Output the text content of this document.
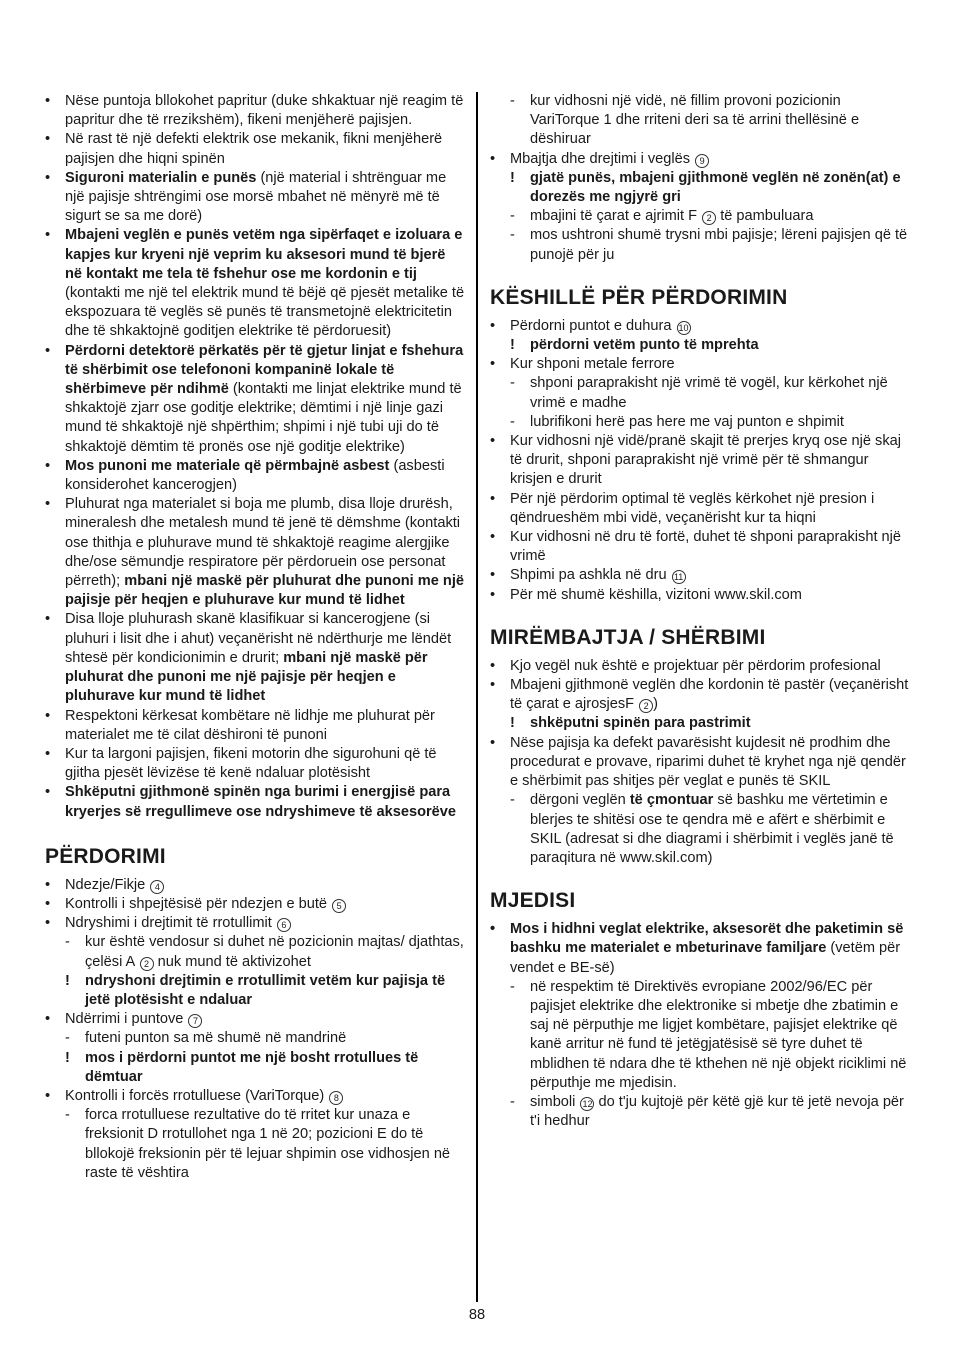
•	Nëse puntoja bllokohet papritur (duke shkaktuar një reagim të papritur dhe të rrezikshëm), fikeni menjëherë pajisjen.
•	Në rast të një defekti elektrik ose mekanik, fikni menjëherë pajisjen dhe hiqni spinën
•	Siguroni materialin e punës (një material i shtrënguar me një pajisje shtrëngimi ose morsë mbahet në mënyrë më të sigurt se sa me dorë)
•	Mbajeni veglën e punës vetëm nga sipërfaqet e izoluara e kapjes kur kryeni një veprim ku aksesori mund të bjerë në kontakt me tela të fshehur ose me kordonin e tij (kontakti me një tel elektrik mund të bëjë që pjesët metalike të ekspozuara të veglës së punës të transmetojnë elektricitetin dhe të shkaktojnë goditjen elektrike të përdoruesit)
•	Përdorni detektorë përkatës për të gjetur linjat e fshehura të shërbimit ose telefononi kompaninë lokale të shërbimeve për ndihmë (kontakti me linjat elektrike mund të shkaktojë zjarr ose goditje elektrike; dëmtimi i një linje gazi mund të shkaktojë një shpërthim; shpimi i një tubi uji do të shkaktojë dëmtim të pronës ose një goditje elektrike)
•	Mos punoni me materiale që përmbajnë asbest (asbesti konsiderohet kancerogjen)
•	Pluhurat nga materialet si boja me plumb, disa lloje drurësh, mineralesh dhe metalesh mund të jenë të dëmshme (kontakti ose thithja e pluhurave mund të shkaktojë reagime alergjike dhe/ose sëmundje respiratore për përdoruein ose personat përreth); mbani një maskë për pluhurat dhe punoni me një pajisje për heqjen e pluhurave kur mund të lidhet
•	Disa lloje pluhurash skanë klasifikuar si kancerogjene (si pluhuri i lisit dhe i ahut) veçanërisht në ndërthurje me lëndët shtesë për kondicionimin e drurit; mbani një maskë për pluhurat dhe punoni me një pajisje për heqjen e pluhurave kur mund të lidhet
•	Respektoni kërkesat kombëtare në lidhje me pluhurat për materialet me të cilat dëshironi të punoni
•	Kur ta largoni pajisjen, fikeni motorin dhe sigurohuni që të gjitha pjesët lëvizëse të kenë ndaluar plotësisht
•	Shkëputni gjithmonë spinën nga burimi i energjisë para kryerjes së rregullimeve ose ndryshimeve të aksesorëve
PËRDORIMI
•	Ndezje/Fikje 4
•	Kontrolli i shpejtësisë për ndezjen e butë 5
•	Ndryshimi i drejtimit të rrotullimit 6
-	kur është vendosur si duhet në pozicionin majtas/ djathtas, çelësi A 2 nuk mund të aktivizohet
!	ndryshoni drejtimin e rrotullimit vetëm kur pajisja të jetë plotësisht e ndaluar
•	Ndërrimi i puntove 7
-	futeni punton sa më shumë në mandrinë
!	mos i përdorni puntot me një bosht rrotullues të dëmtuar
•	Kontrolli i forcës rrotulluese (VariTorque) 8
-	forca rrotulluese rezultative do të rritet kur unaza e freksionit D rrotullohet nga 1 në 20; pozicioni E do të bllokojë freksionin për të lejuar shpimin ose vidhosjen në raste të vështira
-	kur vidhosni një vidë, në fillim provoni pozicionin VariTorque 1 dhe rriteni deri sa të arrini thellësinë e dëshiruar
•	Mbajtja dhe drejtimi i veglës 9
!	gjatë punës, mbajeni gjithmonë veglën në zonën(at) e dorezës me ngjyrë gri
-	mbajini të çarat e ajrimit F 2 të pambuluara
-	mos ushtroni shumë trysni mbi pajisje; lëreni pajisjen që të punojë për ju
KËSHILLË PËR PËRDORIMIN
•	Përdorni puntot e duhura 10
!	përdorni vetëm punto të mprehta
•	Kur shponi metale ferrore
-	shponi paraprakisht një vrimë të vogël, kur kërkohet një vrimë e madhe
-	lubrifikoni herë pas here me vaj punton e shpimit
•	Kur vidhosni një vidë/pranë skajit të prerjes kryq ose një skaj të drurit, shponi paraprakisht një vrimë për të shmangur krisjen e drurit
•	Për një përdorim optimal të veglës kërkohet një presion i qëndrueshëm mbi vidë, veçanërisht kur ta hiqni
•	Kur vidhosni në dru të fortë, duhet të shponi paraprakisht një vrimë
•	Shpimi pa ashkla në dru 11
•	Për më shumë këshilla, vizitoni www.skil.com
MIRËMBAJTJA / SHËRBIMI
•	Kjo vegël nuk është e projektuar për përdorim profesional
•	Mbajeni gjithmonë veglën dhe kordonin të pastër (veçanërisht të çarat e ajrosjesF 2 )
!	shkëputni spinën para pastrimit
•	Nëse pajisja ka defekt pavarësisht kujdesit në prodhim dhe procedurat e provave, riparimi duhet të kryhet nga një qendër e shërbimit pas shitjes për veglat e punës të SKIL
-	dërgoni veglën të çmontuar së bashku me vërtetimin e blerjes te shitësi ose te qendra më e afërt e shërbimit e SKIL (adresat si dhe diagrami i shërbimit i veglës janë të paraqitura në www.skil.com)
MJEDISI
•	Mos i hidhni veglat elektrike, aksesorët dhe paketimin së bashku me materialet e mbeturinave familjare (vetëm për vendet e BE-së)
-	në respektim të Direktivës evropiane 2002/96/EC për pajisjet elektrike dhe elektronike si mbetje dhe zbatimin e saj në përputhje me ligjet kombëtare, pajisjet elektrike që kanë arritur në fund të jetëgjatësisë së tyre duhet të mblidhen të ndara dhe të kthehen në një objekt riciklimi në përputhje me mjedisin.
-	simboli 12 do t'ju kujtojë për këtë gjë kur të jetë nevoja për t'i hedhur
88
